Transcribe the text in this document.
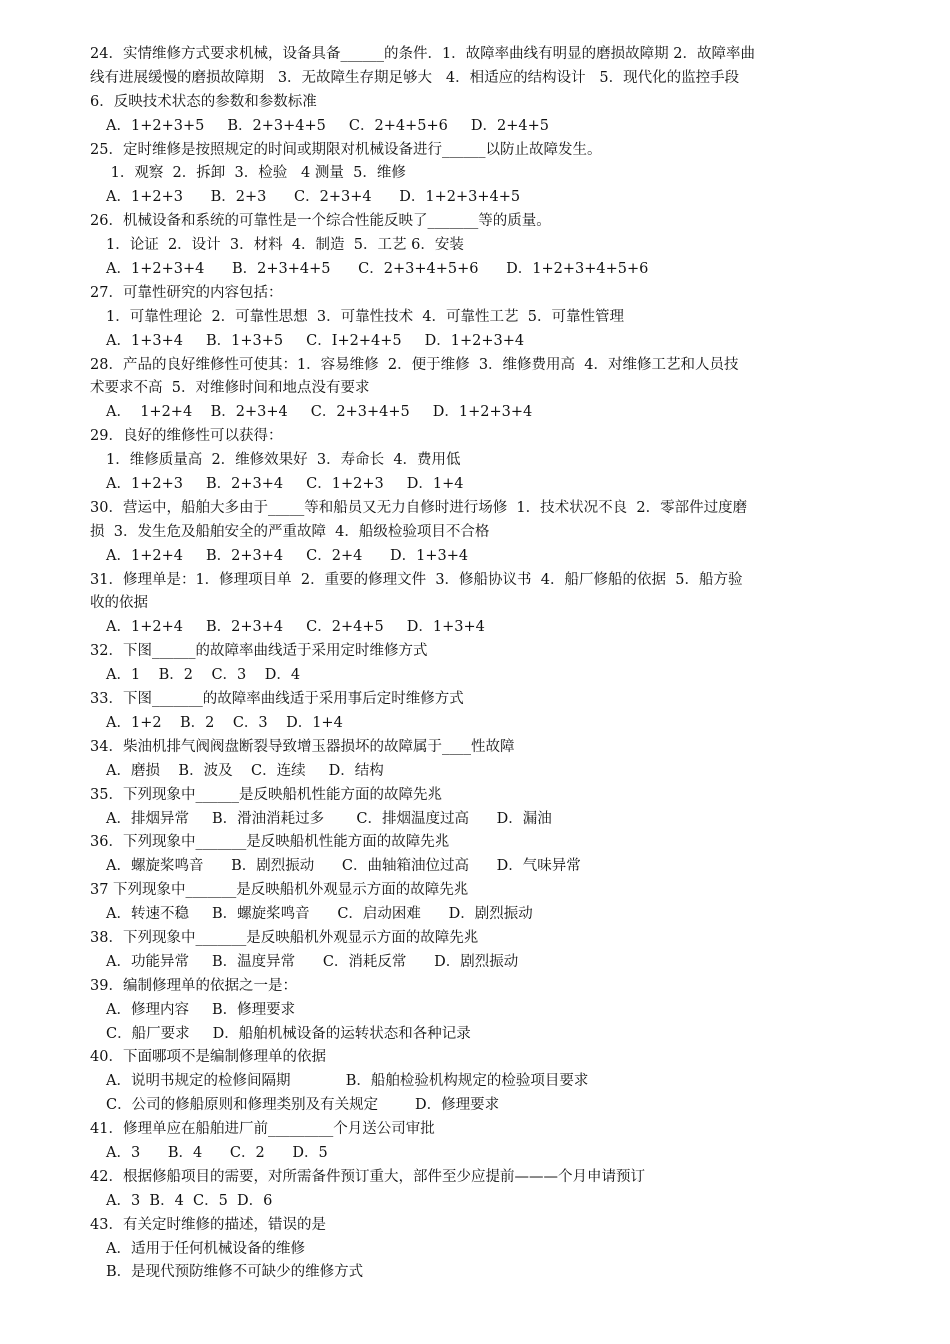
24．实情维修方式要求机械，设备具备______的条件．1．故障率曲线有明显的磨损故障期 2．故障率曲
线有进展缓慢的磨损故障期   3．无故障生存期足够大   4．相适应的结构设计   5．现代化的监控手段
6．反映技术状态的参数和参数标准
A．1+2+3+5     B．2+3+4+5     C．2+4+5+6     D．2+4+5
25．定时维修是按照规定的时间或期限对机械设备进行______以防止故障发生。
1．观察  2．拆卸  3．检验   4 测量  5．维修
A．1+2+3      B．2+3      C．2+3+4      D．1+2+3+4+5
26．机械设备和系统的可靠性是一个综合性能反映了_______等的质量。
1．论证  2．设计  3．材料  4．制造  5．工艺 6．安装
A．1+2+3+4      B．2+3+4+5      C．2+3+4+5+6      D．1+2+3+4+5+6
27．可靠性研究的内容包括：
1．可靠性理论  2．可靠性思想  3．可靠性技术  4．可靠性工艺  5．可靠性管理
A．1+3+4     B．1+3+5     C．I+2+4+5     D．1+2+3+4
28．产品的良好维修性可使其：1．容易维修  2．便于维修  3．维修费用高  4．对维修工艺和人员技
术要求不高  5．对维修时间和地点没有要求
A．  1+2+4    B．2+3+4     C．2+3+4+5     D．1+2+3+4
29．良好的维修性可以获得：
1．维修质量高  2．维修效果好  3．寿命长  4．费用低
A．1+2+3     B．2+3+4     C．1+2+3     D．1+4
30．营运中，船舶大多由于_____等和船员又无力自修时进行场修  1．技术状况不良  2．零部件过度磨
损  3．发生危及船舶安全的严重故障  4．船级检验项目不合格
A．1+2+4     B．2+3+4     C．2+4      D．1+3+4
31．修理单是：1．修理项目单  2．重要的修理文件  3．修船协议书  4．船厂修船的依据  5．船方验
收的依据
A．1+2+4     B．2+3+4     C．2+4+5     D．1+3+4
32．下图______的故障率曲线适于采用定时维修方式
A．1    B．2    C．3    D．4
33．下图_______的故障率曲线适于采用事后定时维修方式
A．1+2    B．2    C．3    D．1+4
34．柴油机排气阀阀盘断裂导致增玉器损坏的故障属于____性故障
A．磨损    B．波及    C．连续     D．结构
35．下列现象中______是反映船机性能方面的故障先兆
A．排烟异常     B．滑油消耗过多       C．排烟温度过高      D．漏油
36．下列现象中_______是反映船机性能方面的故障先兆
A．螺旋桨鸣音      B．剧烈振动      C．曲轴箱油位过高      D．气味异常
37 下列现象中_______是反映船机外观显示方面的故障先兆
A．转速不稳     B．螺旋桨鸣音      C．启动困难      D．剧烈振动
38．下列现象中_______是反映船机外观显示方面的故障先兆
A．功能异常     B．温度异常      C．消耗反常      D．剧烈振动
39．编制修理单的依据之一是：
A．修理内容     B．修理要求
C．船厂要求     D．船舶机械设备的运转状态和各种记录
40．下面哪项不是编制修理单的依据
A．说明书规定的检修间隔期            B．船舶检验机构规定的检验项目要求
C．公司的修船原则和修理类别及有关规定        D．修理要求
41．修理单应在船舶进厂前_________个月送公司审批
A．3      B．4      C．2      D．5
42．根据修船项目的需要，对所需备件预订重大，部件至少应提前———个月申请预订
A．3  B．4  C．5  D．6
43．有关定时维修的描述，错误的是
A．适用于任何机械设备的维修
B．是现代预防维修不可缺少的维修方式
